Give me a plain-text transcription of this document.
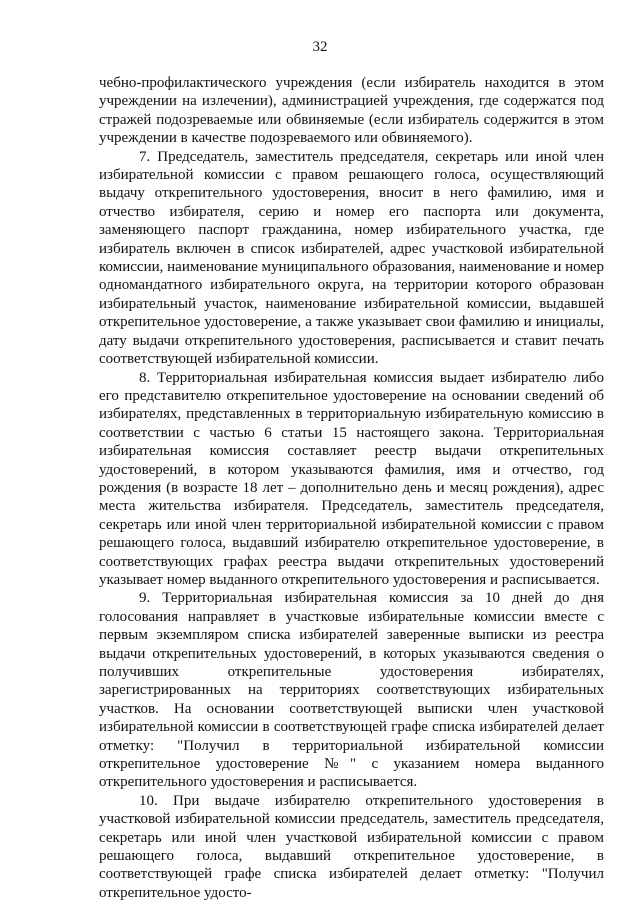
32

чебно-профилактического учреждения (если избиратель находится в этом учреждении на излечении), администрацией учреждения, где содержатся под стражей подозреваемые или обвиняемые (если избиратель содержится в этом учреждении в качестве подозреваемого или обвиняемого).

7. Председатель, заместитель председателя, секретарь или иной член избирательной комиссии с правом решающего голоса, осуществляющий выдачу открепительного удостоверения, вносит в него фамилию, имя и отчество избирателя, серию и номер его паспорта или документа, заменяющего паспорт гражданина, номер избирательного участка, где избиратель включен в список избирателей, адрес участковой избирательной комиссии, наименование муниципального образования, наименование и номер одномандатного избирательного округа, на территории которого образован избирательный участок, наименование избирательной комиссии, выдавшей открепительное удостоверение, а также указывает свои фамилию и инициалы, дату выдачи открепительного удостоверения, расписывается и ставит печать соответствующей избирательной комиссии.

8. Территориальная избирательная комиссия выдает избирателю либо его представителю открепительное удостоверение на основании сведений об избирателях, представленных в территориальную избирательную комиссию в соответствии с частью 6 статьи 15 настоящего закона. Территориальная избирательная комиссия составляет реестр выдачи открепительных удостоверений, в котором указываются фамилия, имя и отчество, год рождения (в возрасте 18 лет – дополнительно день и месяц рождения), адрес места жительства избирателя. Председатель, заместитель председателя, секретарь или иной член территориальной избирательной комиссии с правом решающего голоса, выдавший избирателю открепительное удостоверение, в соответствующих графах реестра выдачи открепительных удостоверений указывает номер выданного открепительного удостоверения и расписывается.

9. Территориальная избирательная комиссия за 10 дней до дня голосования направляет в участковые избирательные комиссии вместе с первым экземпляром списка избирателей заверенные выписки из реестра выдачи открепительных удостоверений, в которых указываются сведения о получивших открепительные удостоверения избирателях, зарегистрированных на территориях соответствующих избирательных участков. На основании соответствующей выписки член участковой избирательной комиссии в соответствующей графе списка избирателей делает отметку: "Получил в территориальной избирательной комиссии открепительное удостоверение №" с указанием номера выданного открепительного удостоверения и расписывается.

10. При выдаче избирателю открепительного удостоверения в участковой избирательной комиссии председатель, заместитель председателя, секретарь или иной член участковой избирательной комиссии с правом решающего голоса, выдавший открепительное удостоверение, в соответствующей графе списка избирателей делает отметку: "Получил открепительное удосто-
